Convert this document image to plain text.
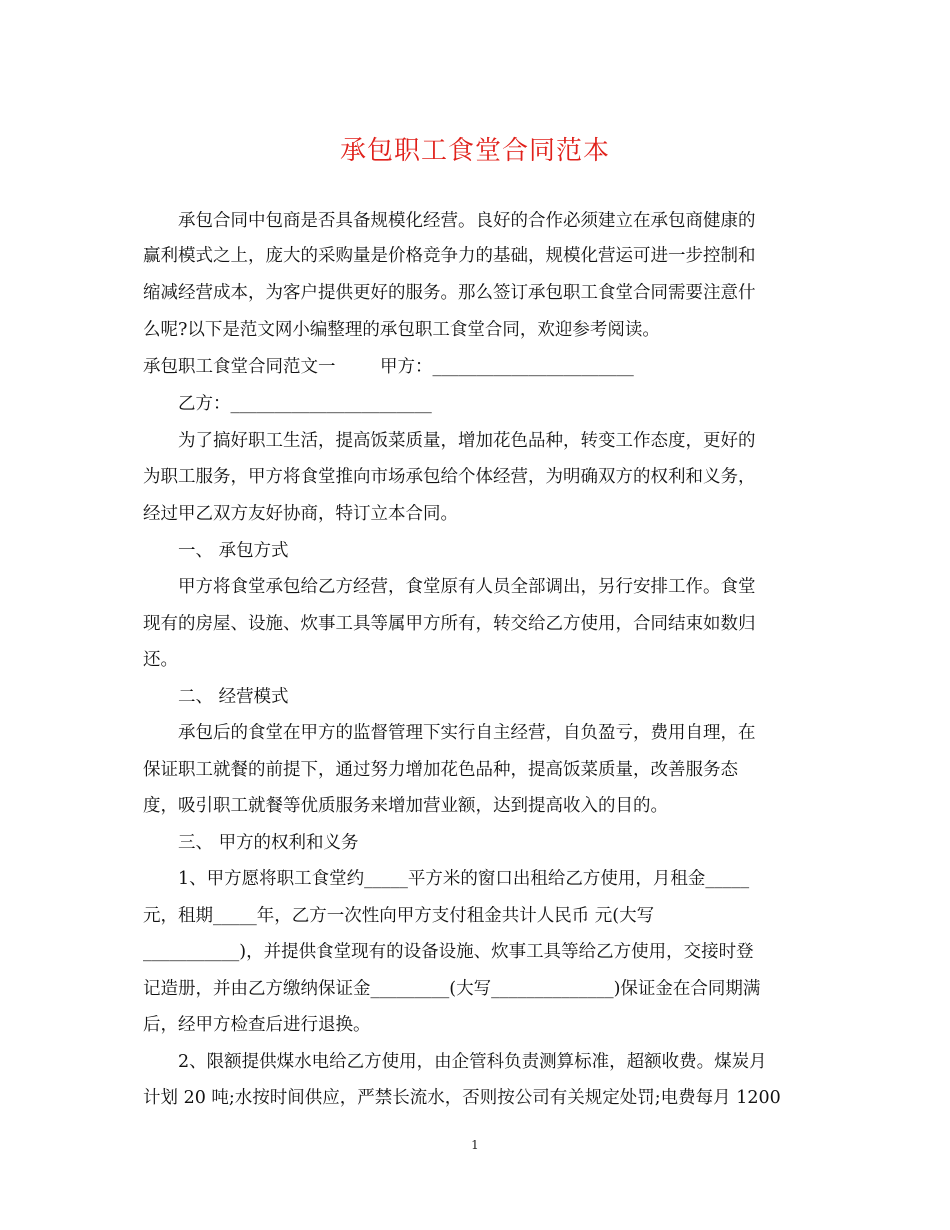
承包职工食堂合同范本
承包合同中包商是否具备规模化经营。良好的合作必须建立在承包商健康的
赢利模式之上，庞大的采购量是价格竞争力的基础，规模化营运可进一步控制和
缩减经营成本，为客户提供更好的服务。那么签订承包职工食堂合同需要注意什
么呢?以下是范文网小编整理的承包职工食堂合同，欢迎参考阅读。
承包职工食堂合同范文一        甲方：_______________________
乙方：_______________________
为了搞好职工生活，提高饭菜质量，增加花色品种，转变工作态度，更好的
为职工服务，甲方将食堂推向市场承包给个体经营，为明确双方的权利和义务，
经过甲乙双方友好协商，特订立本合同。
一、 承包方式
甲方将食堂承包给乙方经营，食堂原有人员全部调出，另行安排工作。食堂
现有的房屋、设施、炊事工具等属甲方所有，转交给乙方使用，合同结束如数归
还。
二、 经营模式
承包后的食堂在甲方的监督管理下实行自主经营，自负盈亏，费用自理，在
保证职工就餐的前提下，通过努力增加花色品种，提高饭菜质量，改善服务态
度，吸引职工就餐等优质服务来增加营业额，达到提高收入的目的。
三、 甲方的权利和义务
1、甲方愿将职工食堂约_____平方米的窗口出租给乙方使用，月租金_____
元，租期_____年，乙方一次性向甲方支付租金共计人民币 元(大写
___________)，并提供食堂现有的设备设施、炊事工具等给乙方使用，交接时登
记造册，并由乙方缴纳保证金_________(大写______________)保证金在合同期满
后，经甲方检查后进行退换。
2、限额提供煤水电给乙方使用，由企管科负责测算标准，超额收费。煤炭月
计划 20 吨;水按时间供应，严禁长流水，否则按公司有关规定处罚;电费每月 1200
1
